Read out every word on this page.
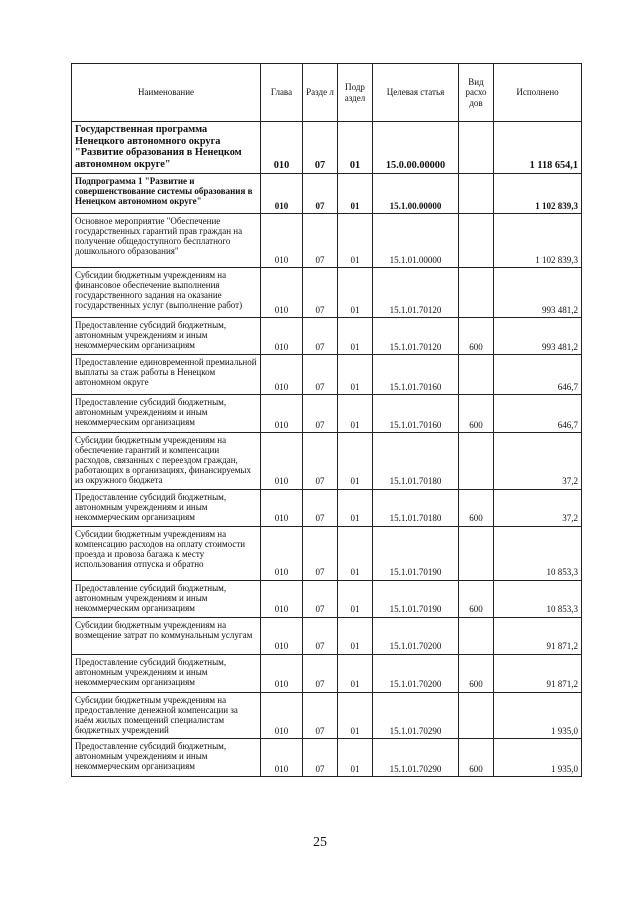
Наименование	Глава	Разде л	Подр аздел	Целевая статья	Вид расхо дов	Исполнено
Государственная программа Ненецкого автономного округа "Развитие образования в Ненецком автономном округе"	010	07	01	15.0.00.00000		1 118 654,1
Подпрограмма 1 "Развитие и совершенствование системы образования в Ненецком автономном округе"	010	07	01	15.1.00.00000		1 102 839,3
Основное мероприятие "Обеспечение государственных гарантий прав граждан на получение общедоступного бесплатного дошкольного образования"	010	07	01	15.1.01.00000		1 102 839,3
Субсидии бюджетным учреждениям на финансовое обеспечение выполнения государственного задания на оказание государственных услуг (выполнение работ)	010	07	01	15.1.01.70120		993 481,2
Предоставление субсидий бюджетным, автономным учреждениям и иным некоммерческим организациям	010	07	01	15.1.01.70120	600	993 481,2
Предоставление единовременной премиальной выплаты за стаж работы в Ненецком автономном округе	010	07	01	15.1.01.70160		646,7
Предоставление субсидий бюджетным, автономным учреждениям и иным некоммерческим организациям	010	07	01	15.1.01.70160	600	646,7
Субсидии бюджетным учреждениям на обеспечение гарантий и компенсации расходов, связанных с переездом граждан, работающих в организациях, финансируемых из окружного бюджета	010	07	01	15.1.01.70180		37,2
Предоставление субсидий бюджетным, автономным учреждениям и иным некоммерческим организациям	010	07	01	15.1.01.70180	600	37,2
Субсидии бюджетным учреждениям на компенсацию расходов на оплату стоимости проезда и провоза багажа к месту использования отпуска и обратно	010	07	01	15.1.01.70190		10 853,3
Предоставление субсидий бюджетным, автономным учреждениям и иным некоммерческим организациям	010	07	01	15.1.01.70190	600	10 853,3
Субсидии бюджетным учреждениям на возмещение затрат по коммунальным услугам	010	07	01	15.1.01.70200		91 871,2
Предоставление субсидий бюджетным, автономным учреждениям и иным некоммерческим организациям	010	07	01	15.1.01.70200	600	91 871,2
Субсидии бюджетным учреждениям на предоставление денежной компенсации за наём жилых помещений специалистам бюджетных учреждений	010	07	01	15.1.01.70290		1 935,0
Предоставление субсидий бюджетным, автономным учреждениям и иным некоммерческим организациям	010	07	01	15.1.01.70290	600	1 935,0
25
